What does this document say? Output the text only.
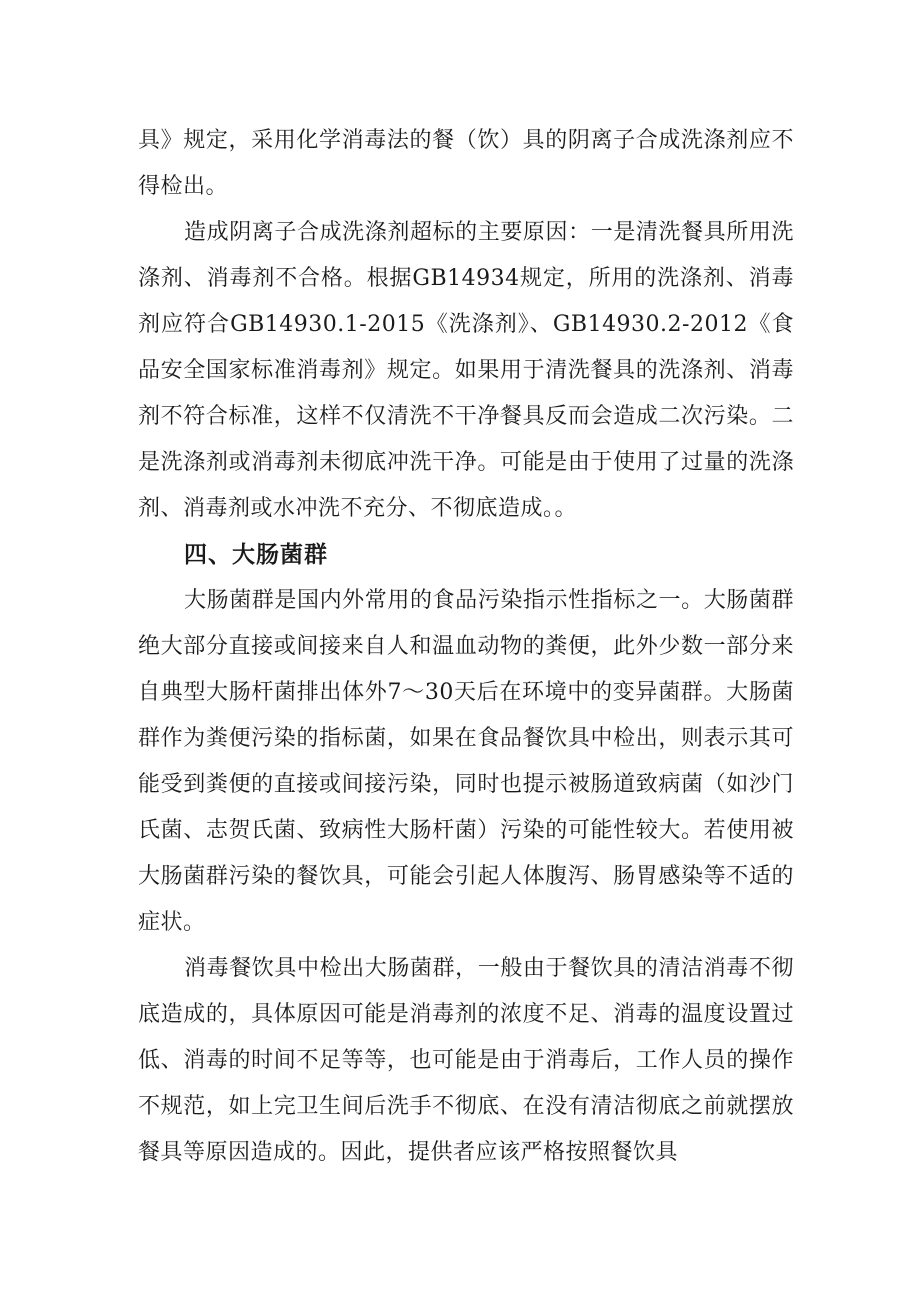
具》规定，采用化学消毒法的餐（饮）具的阴离子合成洗涤剂应不得检出。

造成阴离子合成洗涤剂超标的主要原因：一是清洗餐具所用洗涤剂、消毒剂不合格。根据GB14934规定，所用的洗涤剂、消毒剂应符合GB14930.1-2015《洗涤剂》、GB14930.2-2012《食品安全国家标准消毒剂》规定。如果用于清洗餐具的洗涤剂、消毒剂不符合标准，这样不仅清洗不干净餐具反而会造成二次污染。二是洗涤剂或消毒剂未彻底冲洗干净。可能是由于使用了过量的洗涤剂、消毒剂或水冲洗不充分、不彻底造成。。

四、大肠菌群

大肠菌群是国内外常用的食品污染指示性指标之一。大肠菌群绝大部分直接或间接来自人和温血动物的粪便，此外少数一部分来自典型大肠杆菌排出体外7～30天后在环境中的变异菌群。大肠菌群作为粪便污染的指标菌，如果在食品餐饮具中检出，则表示其可能受到粪便的直接或间接污染，同时也提示被肠道致病菌（如沙门氏菌、志贺氏菌、致病性大肠杆菌）污染的可能性较大。若使用被大肠菌群污染的餐饮具，可能会引起人体腹泻、肠胃感染等不适的症状。

消毒餐饮具中检出大肠菌群，一般由于餐饮具的清洁消毒不彻底造成的，具体原因可能是消毒剂的浓度不足、消毒的温度设置过低、消毒的时间不足等等，也可能是由于消毒后，工作人员的操作不规范，如上完卫生间后洗手不彻底、在没有清洁彻底之前就摆放餐具等原因造成的。因此，提供者应该严格按照餐饮具
